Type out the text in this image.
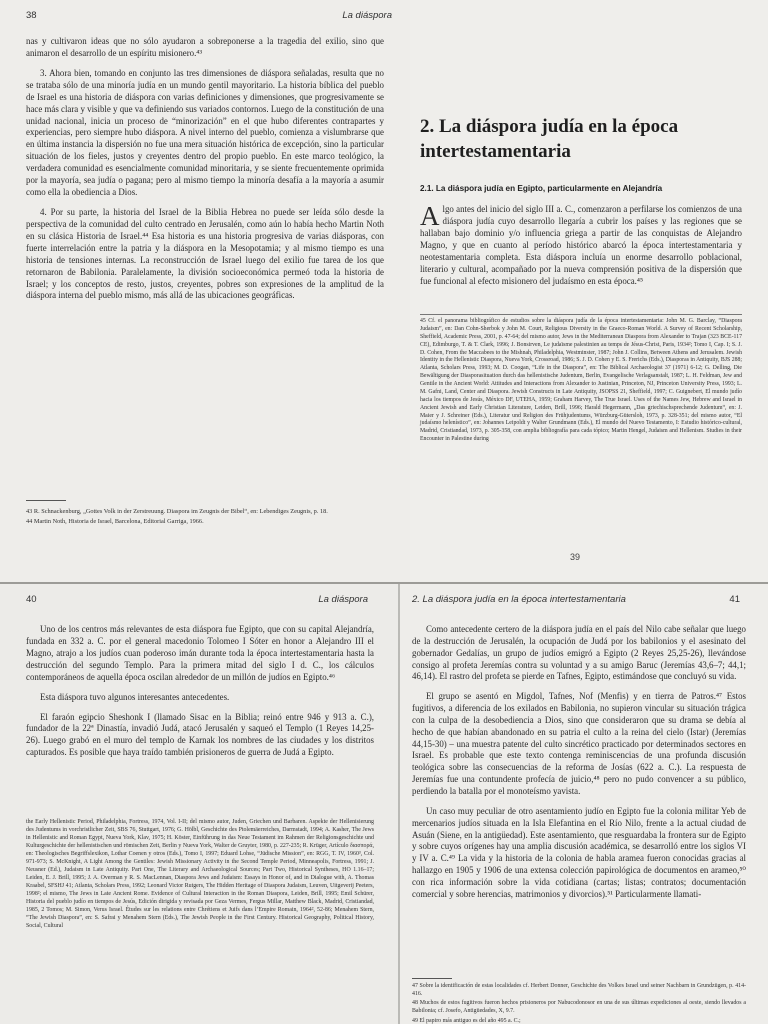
38	La diáspora

nas y cultivaron ideas que no sólo ayudaron a sobreponerse a la tragedia del exilio, sino que animaron el desarrollo de un espíritu misionero.⁴³

3. Ahora bien, tomando en conjunto las tres dimensiones de diáspora señaladas, resulta que no se trataba sólo de una minoría judía en un mundo gentil mayoritario. La historia bíblica del pueblo de Israel es una historia de diáspora con varias definiciones y dimensiones, que progresivamente se hace más clara y visible y que va definiendo sus variados contornos. Luego de la constitución de una unidad nacional, inicia un proceso de “minorización” en el que hubo diferentes contrapartes y experiencias, pero siempre hubo diáspora. A nivel interno del pueblo, comienza a vislumbrarse que en última instancia la dispersión no fue una mera situación histórica de excepción, sino la particular situación de los fieles, justos y creyentes dentro del propio pueblo. En este marco teológico, la verdadera comunidad es esencialmente comunidad minoritaria, y se siente frecuentemente oprimida por la mayoría, sea judía o pagana; pero al mismo tiempo la minoría desafía a la mayoría a asumir como ella la obediencia a Dios.

4. Por su parte, la historia del Israel de la Biblia Hebrea no puede ser leída sólo desde la perspectiva de la comunidad del culto centrado en Jerusalén, como aún lo había hecho Martin Noth en su clásica Historia de Israel.⁴⁴ Esa historia es una historia progresiva de varias diásporas, con fuerte interrelación entre la patria y la diáspora en la Mesopotamia; y al mismo tiempo es una historia de tensiones internas. La reconstrucción de Israel luego del exilio fue tarea de los que retornaron de Babilonia. Paralelamente, la división socioeconómica permeó toda la historia de Israel; y los conceptos de resto, justos, creyentes, pobres son expresiones de la amplitud de la diáspora interna del pueblo mismo, más allá de las ubicaciones geográficas.

43 R. Schnackenburg, „Gottes Volk in der Zerstreuung. Diaspora im Zeugnis der Bibel“, en: Lebendiges Zeugnis, p. 18.

44 Martin Noth, Historia de Israel, Barcelona, Editorial Garriga, 1966.

2. La diáspora judía en la época intertestamentaria
2.1. La diáspora judía en Egipto, particularmente en Alejandría

Algo antes del inicio del siglo III a. C., comenzaron a perfilarse los comienzos de una diáspora judía cuyo desarrollo llegaría a cubrir los países y las regiones que se hallaban bajo dominio y/o influencia griega a partir de las conquistas de Alejandro Magno, y que en cuanto al período histórico abarcó la época intertestamentaria y neotestamentaria completa. Esta diáspora incluía un enorme desarrollo poblacional, literario y cultural, acompañado por la nueva comprensión positiva de la dispersión que fue funcional al efecto misionero del judaísmo en esta época.⁴⁵

45 Cf. el panorama bibliográfico de estudios sobre la diáspora judía de la época intertestamentaria: John M. G. Barclay, “Diaspora Judaism”, en: Dan Cohn-Sherbok y John M. Court, Religious Diversity in the Graeco-Roman World. A Survey of Recent Scholarship, Sheffield, Academic Press, 2001, p. 47-64; del mismo autor, Jews in the Mediterranean Diaspora from Alexander to Trajan (323 BCE-117 CE), Edimburgo, T. & T. Clark, 1996; J. Bonsirven, Le judaïsme palestinien au temps de Jésus-Christ, Paris, 1934²; Tomo I, Cap. I; S. J. D. Cohen, From the Maccabees to the Mishnah, Philadelphia, Westminster, 1987; John J. Collins, Between Athens and Jerusalem. Jewish Identity in the Hellenistic Diaspora, Nueva York, Crossroad, 1986; S. J. D. Cohen y E. S. Frerichs (Eds.), Diasporas in Antiquity, BJS 288; Atlanta, Scholars Press, 1993; M. D. Coogan, “Life in the Diaspora”, en: The Biblical Archaeologist 37 (1971) 6-12; G. Delling, Die Bewältigung der Diasporasituation durch das hellenistische Judentum, Berlin, Evangelische Verlagsanstalt, 1987; L. H. Feldman, Jew and Gentile in the Ancient World: Attitudes and Interactions from Alexander to Justinian, Princeton, NJ, Princeton University Press, 1993; L. M. Gafni, Land, Center and Diaspora. Jewish Constructs in Late Antiquity, JSOPSS 21, Sheffield, 1997; C. Guignebert, El mundo judío hacia los tiempos de Jesús, México DF, UTEHA, 1959; Graham Harvey, The True Israel. Uses of the Names Jew, Hebrew and Israel in Ancient Jewish and Early Christian Literature, Leiden, Brill, 1996; Harald Hegermann, „Das griechischsprechende Judentum“, en: J. Maier y J. Schreiner (Eds.), Literatur und Religion des Frühjudentums, Würzburg-Gütersloh, 1973, p. 328-351; del mismo autor, “El judaísmo helenístico”, en: Johannes Leipoldt y Walter Grundmann (Eds.), El mundo del Nuevo Testamento, I: Estudio histórico-cultural, Madrid, Cristiandad, 1973, p. 305-358, con amplia bibliografía para cada tópico; Martin Hengel, Judaism and Hellenism. Studies in their Encounter in Palestine during

39
40	La diáspora

Uno de los centros más relevantes de esta diáspora fue Egipto, que con su capital Alejandría, fundada en 332 a. C. por el general macedonio Tolomeo I Sóter en honor a Alejandro III el Magno, atrajo a los judíos cuan poderoso imán durante toda la época intertestamentaria hasta la destrucción del segundo Templo. Para la primera mitad del siglo I d. C., los cálculos contemporáneos de aquella época oscilan alrededor de un millón de judíos en Egipto.⁴⁶

Esta diáspora tuvo algunos interesantes antecedentes.

El faraón egipcio Sheshonk I (llamado Sisac en la Biblia; reinó entre 946 y 913 a. C.), fundador de la 22ª Dinastía, invadió Judá, atacó Jerusalén y saqueó el Templo (1 Reyes 14,25-26). Luego grabó en el muro del templo de Karnak los nombres de las ciudades y los distritos capturados. Es posible que haya traído también prisioneros de guerra de Judá a Egipto.

the Early Hellenistic Period, Philadelphia, Fortress, 1974, Vol. I-II; del mismo autor, Juden, Griechen und Barbaren. Aspekte der Hellenisierung des Judentums in vorchristlicher Zeit, SBS 76, Stuttgart, 1976; G. Hölbl, Geschichte des Ptolemäerreiches, Darmstadt, 1994; A. Kasher, The Jews in Hellenistic and Roman Egypt, Nueva York, Klav, 1975; H. Köster, Einführung in das Neue Testament im Rahmen der Religionsgeschichte und Kulturgeschichte der hellenistischen und römischen Zeit, Berlin y Nueva York, Walter de Gruyter, 1980, p. 227-235; R. Krüger, Artículo διασπορά, en: Theologisches Begriffslexikon, Lothar Coenen y otros (Eds.), Tomo I, 1997; Eduard Lohse, “Jüdische Mission”, en: RGG, T. IV, 1960³, Col. 971-973; S. McKnight, A Light Among the Gentiles: Jewish Missionary Activity in the Second Temple Period, Minneapolis, Fortress, 1991; J. Neusner (Ed.), Judaism in Late Antiquity. Part One, The Literary and Archaeological Sources; Part Two, Historical Syntheses, HO 1.16–17; Leiden, E. J. Brill, 1995; J. A. Overman y R. S. MacLennan, Diaspora Jews and Judaism: Essays in Honor of, and in Dialogue with, A. Thomas Kraabel, SFSHJ 41; Atlanta, Scholars Press, 1992; Leonard Victor Rutgers, The Hidden Heritage of Diaspora Judaism, Leuven, Uitgeverij Peeters, 1998²; el mismo, The Jews in Late Ancient Rome. Evidence of Cultural Interaction in the Roman Diaspora, Leiden, Brill, 1995; Emil Schürer, Historia del pueblo judío en tiempos de Jesús, Edición dirigida y revisada por Geza Vermes, Fergus Millar, Matthew Black, Madrid, Cristiandad, 1985, 2 Tomos; M. Simon, Verus Israel. Études sur les relations entre Chrétiens et Juifs dans l’Empire Romain, 1964², 52-86; Menahem Stern, “The Jewish Diaspora”, en: S. Safrai y Menahem Stern (Eds.), The Jewish People in the First Century. Historical Geography, Political History, Social, Cultural

2. La diáspora judía en la época intertestamentaria	41

Como antecedente certero de la diáspora judía en el país del Nilo cabe señalar que luego de la destrucción de Jerusalén, la ocupación de Judá por los babilonios y el asesinato del gobernador Gedalías, un grupo de judíos emigró a Egipto (2 Reyes 25,25-26), llevándose consigo al profeta Jeremías contra su voluntad y a su amigo Baruc (Jeremías 43,6–7; 44,1; 46,14). El rastro del profeta se pierde en Tafnes, Egipto, estimándose que concluyó su vida.

El grupo se asentó en Migdol, Tafnes, Nof (Menfis) y en tierra de Patros.⁴⁷ Estos fugitivos, a diferencia de los exilados en Babilonia, no supieron vincular su situación trágica con la culpa de la desobediencia a Dios, sino que consideraron que su drama se debía al hecho de que habían abandonado en su patria el culto a la reina del cielo (Istar) (Jeremías 44,15-30) – una muestra patente del culto sincrético practicado por determinados sectores en Israel. Es probable que este texto contenga reminiscencias de una profunda discusión teológica sobre las consecuencias de la reforma de Josías (622 a. C.). La respuesta de Jeremías fue una contundente profecía de juicio,⁴⁸ pero no pudo convencer a su público, perdiendo la batalla por el monoteísmo yavista.

Un caso muy peculiar de otro asentamiento judío en Egipto fue la colonia militar Yeb de mercenarios judíos situada en la Isla Elefantina en el Río Nilo, frente a la actual ciudad de Asuán (Siene, en la antigüedad). Este asentamiento, que resguardaba la frontera sur de Egipto y sobre cuyos orígenes hay una amplia discusión académica, se desarrolló entre los siglos VI y IV a. C.⁴⁹ La vida y la historia de la colonia de habla aramea fueron conocidas gracias al hallazgo en 1905 y 1906 de una extensa colección papirológica de documentos en arameo,⁵⁰ con rica información sobre la vida cotidiana (cartas; listas; contratos; documentación comercial y sobre herencias, matrimonios y divorcios).⁵¹ Particularmente llamati-

47 Sobre la identificación de estas localidades cf. Herbert Donner, Geschichte des Volkes Israel und seiner Nachbarn in Grundzügen, p. 414-416.

48 Muchos de estos fugitivos fueron hechos prisioneros por Nabucodonosor en una de sus últimas expediciones al oeste, siendo llevados a Babilonia; cf. Josefo, Antigüedades, X, 9.7.

49 El papiro más antiguo es del año 495 a. C.;
